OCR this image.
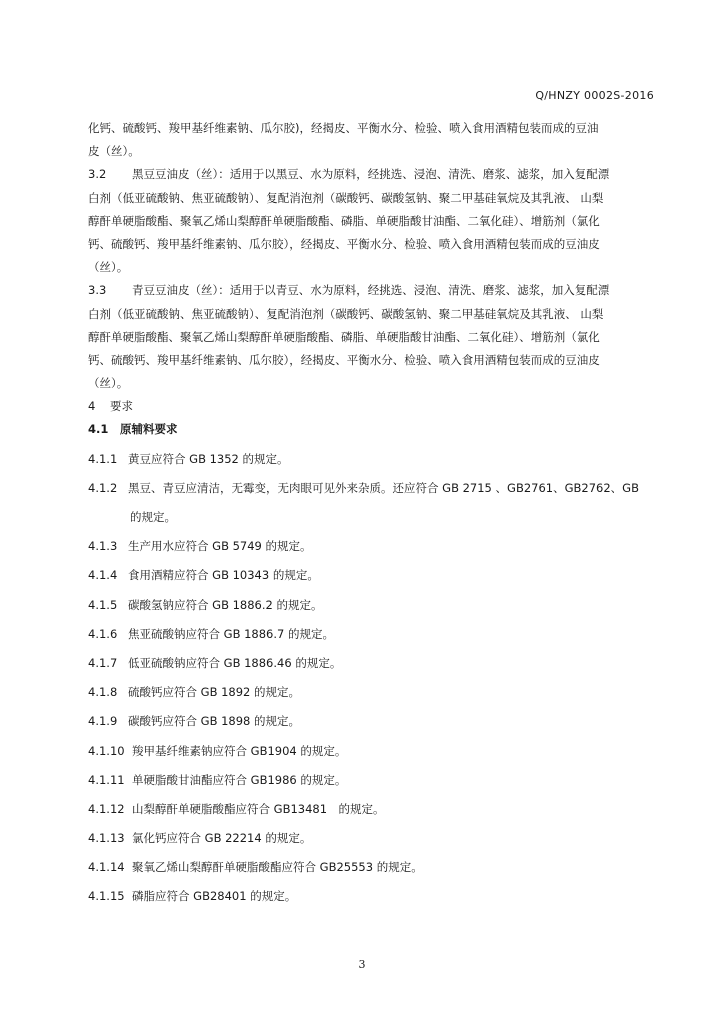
Q/HNZY 0002S-2016
化钙、硫酸钙、羧甲基纤维素钠、瓜尔胶)，经揭皮、平衡水分、检验、喷入食用酒精包装而成的豆油
皮（丝）。
3.2 黑豆豆油皮（丝）：适用于以黑豆、水为原料，经挑选、浸泡、清洗、磨浆、滤浆，加入复配漂
白剂（低亚硫酸钠、焦亚硫酸钠）、复配消泡剂（碳酸钙、碳酸氢钠、聚二甲基硅氧烷及其乳液、 山梨
醇酐单硬脂酸酯、聚氧乙烯山梨醇酐单硬脂酸酯、磷脂、单硬脂酸甘油酯、二氧化硅）、增筋剂（氯化
钙、硫酸钙、羧甲基纤维素钠、瓜尔胶），经揭皮、平衡水分、检验、喷入食用酒精包装而成的豆油皮
（丝）。
3.3 青豆豆油皮（丝）：适用于以青豆、水为原料，经挑选、浸泡、清洗、磨浆、滤浆，加入复配漂
白剂（低亚硫酸钠、焦亚硫酸钠）、复配消泡剂（碳酸钙、碳酸氢钠、聚二甲基硅氧烷及其乳液、 山梨
醇酐单硬脂酸酯、聚氧乙烯山梨醇酐单硬脂酸酯、磷脂、单硬脂酸甘油酯、二氧化硅）、增筋剂（氯化
钙、硫酸钙、羧甲基纤维素钠、瓜尔胶），经揭皮、平衡水分、检验、喷入食用酒精包装而成的豆油皮
（丝）。
4 要求
4.1 原辅料要求
4.1.1 黄豆应符合 GB 1352 的规定。
4.1.2 黑豆、青豆应清洁，无霉变，无肉眼可见外来杂质。还应符合 GB 2715 、GB2761、GB2762、GB
的规定。
4.1.3 生产用水应符合 GB 5749 的规定。
4.1.4 食用酒精应符合 GB 10343 的规定。
4.1.5 碳酸氢钠应符合 GB 1886.2 的规定。
4.1.6 焦亚硫酸钠应符合 GB 1886.7 的规定。
4.1.7 低亚硫酸钠应符合 GB 1886.46 的规定。
4.1.8 硫酸钙应符合 GB 1892 的规定。
4.1.9 碳酸钙应符合 GB 1898 的规定。
4.1.10 羧甲基纤维素钠应符合 GB1904 的规定。
4.1.11 单硬脂酸甘油酯应符合 GB1986 的规定。
4.1.12 山梨醇酐单硬脂酸酯应符合 GB13481　的规定。
4.1.13 氯化钙应符合 GB 22214 的规定。
4.1.14 聚氧乙烯山梨醇酐单硬脂酸酯应符合 GB25553 的规定。
4.1.15 磷脂应符合 GB28401 的规定。
3
